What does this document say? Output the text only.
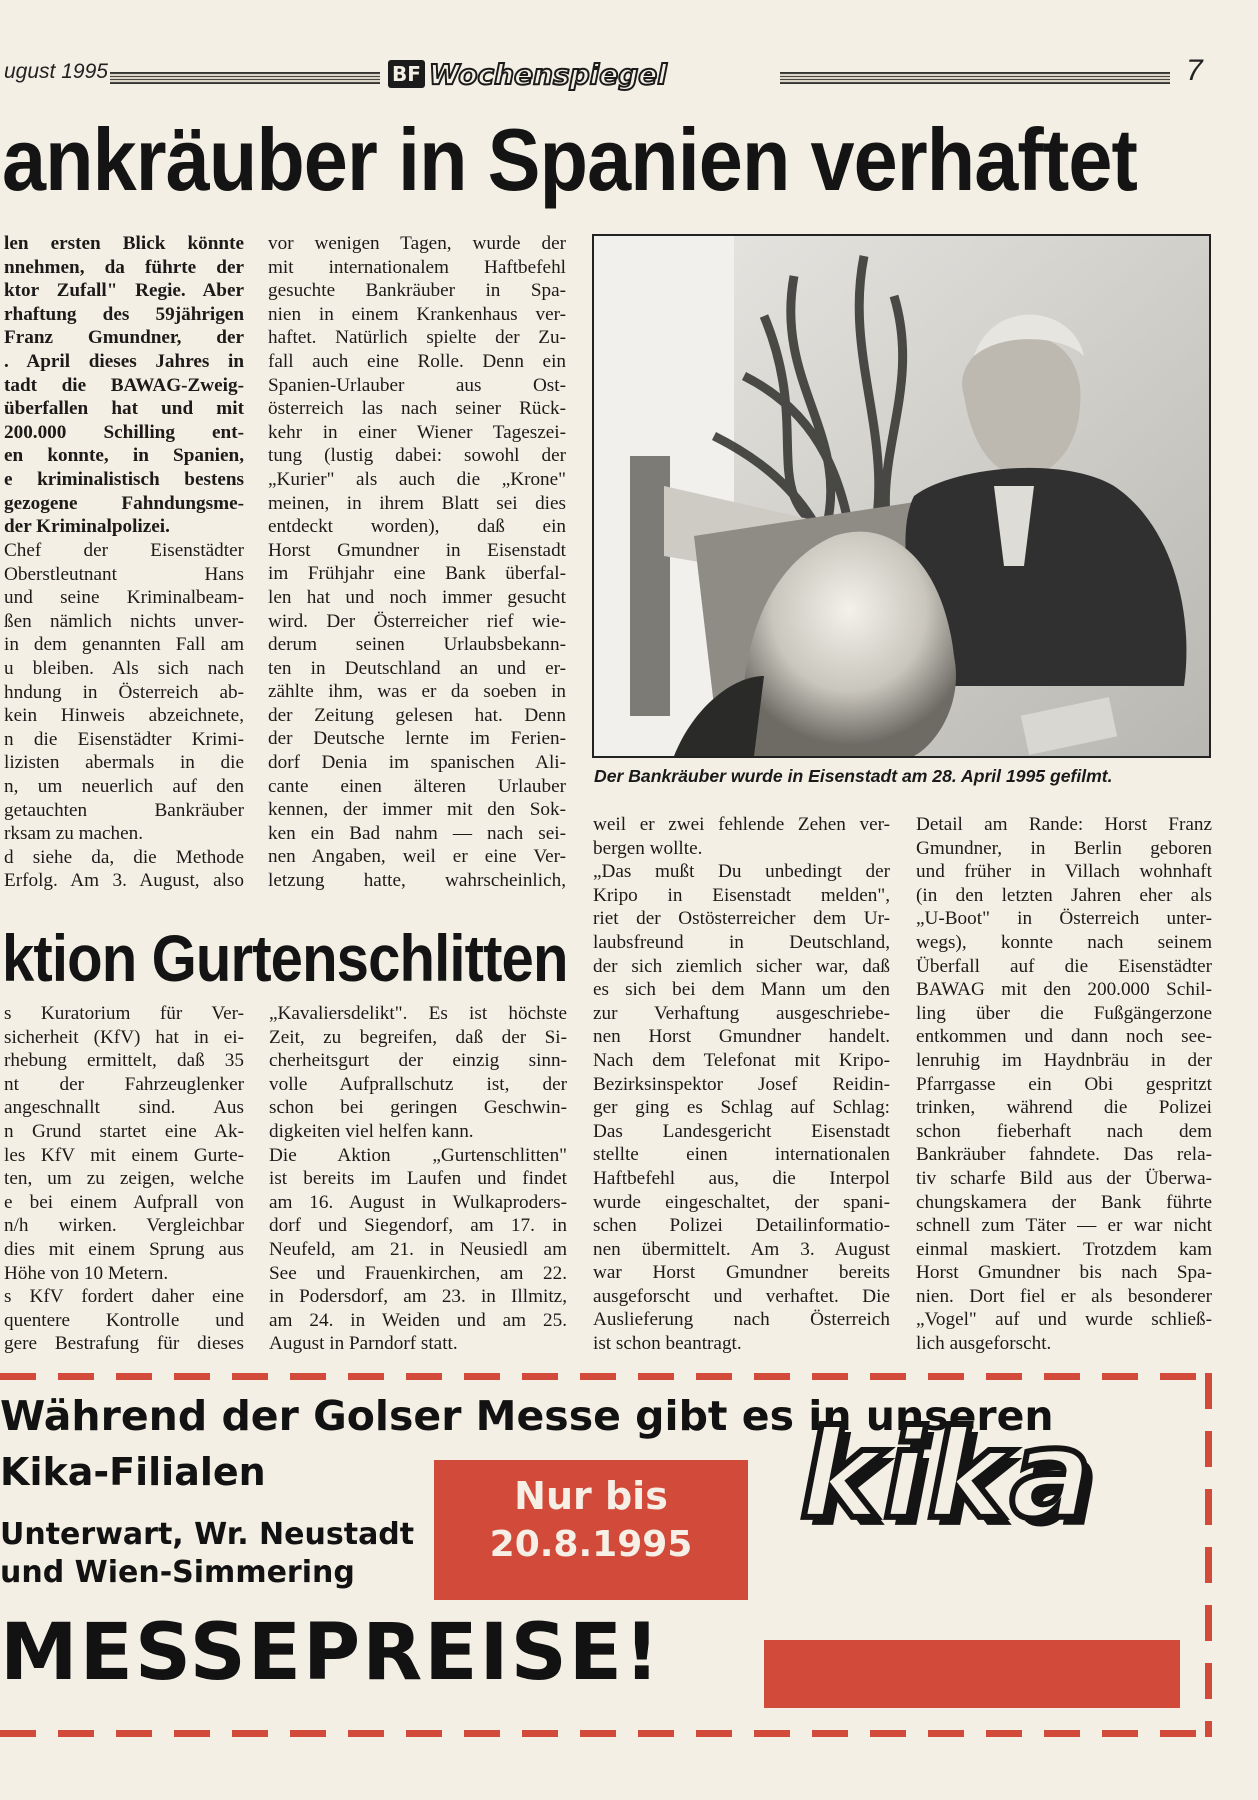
ugust 1995	BF Wochenspiegel	7
ankräuber in Spanien verhaftet
len ersten Blick könnte
nnehmen, da führte der
ktor Zufall" Regie. Aber
rhaftung des 59jährigen
Franz Gmundner, der
. April dieses Jahres in
tadt die BAWAG-Zweig-
überfallen hat und mit
200.000 Schilling ent-
en konnte, in Spanien,
e kriminalistisch bestens
gezogene Fahndungsme-
der Kriminalpolizei.
Chef der Eisenstädter
Oberstleutnant Hans
und seine Kriminalbeam-
ßen nämlich nichts unver-
in dem genannten Fall am
u bleiben. Als sich nach
hndung in Österreich ab-
kein Hinweis abzeichnete,
n die Eisenstädter Krimi-
lizisten abermals in die
n, um neuerlich auf den
getauchten Bankräuber
rksam zu machen.
d siehe da, die Methode
Erfolg. Am 3. August, also
vor wenigen Tagen, wurde der
mit internationalem Haftbefehl
gesuchte Bankräuber in Spa-
nien in einem Krankenhaus ver-
haftet. Natürlich spielte der Zu-
fall auch eine Rolle. Denn ein
Spanien-Urlauber aus Ost-
österreich las nach seiner Rück-
kehr in einer Wiener Tageszei-
tung (lustig dabei: sowohl der
„Kurier" als auch die „Krone"
meinen, in ihrem Blatt sei dies
entdeckt worden), daß ein
Horst Gmundner in Eisenstadt
im Frühjahr eine Bank überfal-
len hat und noch immer gesucht
wird. Der Österreicher rief wie-
derum seinen Urlaubsbekann-
ten in Deutschland an und er-
zählte ihm, was er da soeben in
der Zeitung gelesen hat. Denn
der Deutsche lernte im Ferien-
dorf Denia im spanischen Ali-
cante einen älteren Urlauber
kennen, der immer mit den Sok-
ken ein Bad nahm — nach sei-
nen Angaben, weil er eine Ver-
letzung hatte, wahrscheinlich,
Der Bankräuber wurde in Eisenstadt am 28. April 1995 gefilmt.
weil er zwei fehlende Zehen ver-
bergen wollte.
„Das mußt Du unbedingt der
Kripo in Eisenstadt melden",
riet der Ostösterreicher dem Ur-
laubsfreund in Deutschland,
der sich ziemlich sicher war, daß
es sich bei dem Mann um den
zur Verhaftung ausgeschriebe-
nen Horst Gmundner handelt.
Nach dem Telefonat mit Kripo-
Bezirksinspektor Josef Reidin-
ger ging es Schlag auf Schlag:
Das Landesgericht Eisenstadt
stellte einen internationalen
Haftbefehl aus, die Interpol
wurde eingeschaltet, der spani-
schen Polizei Detailinformatio-
nen übermittelt. Am 3. August
war Horst Gmundner bereits
ausgeforscht und verhaftet. Die
Auslieferung nach Österreich
ist schon beantragt.
Detail am Rande: Horst Franz
Gmundner, in Berlin geboren
und früher in Villach wohnhaft
(in den letzten Jahren eher als
„U-Boot" in Österreich unter-
wegs), konnte nach seinem
Überfall auf die Eisenstädter
BAWAG mit den 200.000 Schil-
ling über die Fußgängerzone
entkommen und dann noch see-
lenruhig im Haydnbräu in der
Pfarrgasse ein Obi gespritzt
trinken, während die Polizei
schon fieberhaft nach dem
Bankräuber fahndete. Das rela-
tiv scharfe Bild aus der Überwa-
chungskamera der Bank führte
schnell zum Täter — er war nicht
einmal maskiert. Trotzdem kam
Horst Gmundner bis nach Spa-
nien. Dort fiel er als besonderer
„Vogel" auf und wurde schließ-
lich ausgeforscht.
ktion Gurtenschlitten
s Kuratorium für Ver-
sicherheit (KfV) hat in ei-
rhebung ermittelt, daß 35
nt der Fahrzeuglenker
angeschnallt sind. Aus
n Grund startet eine Ak-
les KfV mit einem Gurte-
ten, um zu zeigen, welche
e bei einem Aufprall von
n/h wirken. Vergleichbar
dies mit einem Sprung aus
Höhe von 10 Metern.
s KfV fordert daher eine
quentere Kontrolle und
gere Bestrafung für dieses
„Kavaliersdelikt". Es ist höchste
Zeit, zu begreifen, daß der Si-
cherheitsgurt der einzig sinn-
volle Aufprallschutz ist, der
schon bei geringen Geschwin-
digkeiten viel helfen kann.
Die Aktion „Gurtenschlitten"
ist bereits im Laufen und findet
am 16. August in Wulkaproders-
dorf und Siegendorf, am 17. in
Neufeld, am 21. in Neusiedl am
See und Frauenkirchen, am 22.
in Podersdorf, am 23. in Illmitz,
am 24. in Weiden und am 25.
August in Parndorf statt.
Während der Golser Messe gibt es in unseren
Kika-Filialen
Unterwart, Wr. Neustadt
und Wien-Simmering
Nur bis
20.8.1995 kika
MESSEPREISE!
